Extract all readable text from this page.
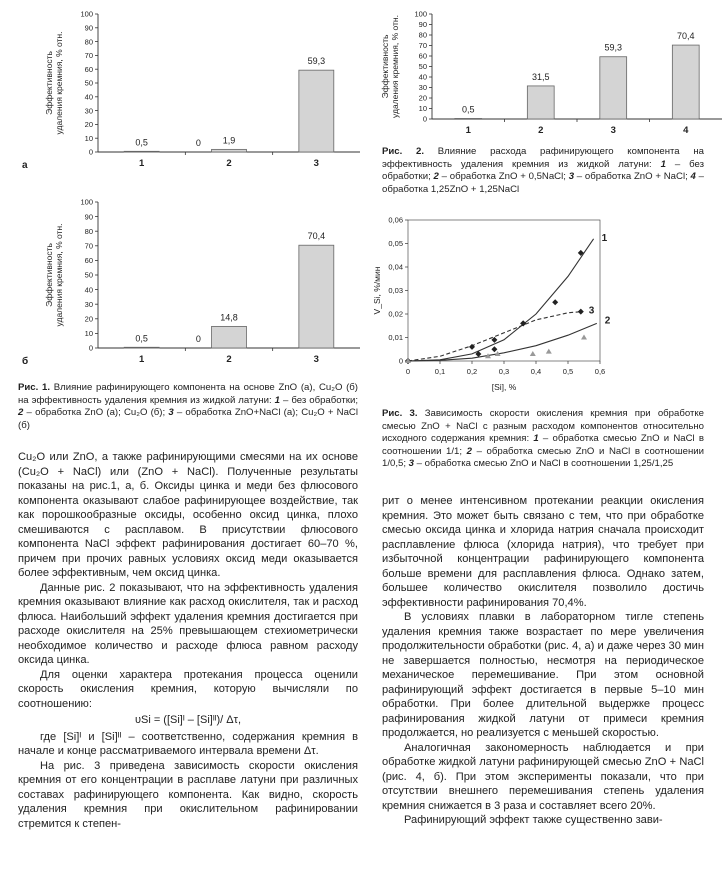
Эффективность удаления кремния, % отн.
0
10
20
30
40
50
60
70
80
90
100
0,5
1
1,9
2
59,3
3
0
а
Эффективность удаления кремния, % отн.
0
10
20
30
40
50
60
70
80
90
100
0,5
1
14,8
2
70,4
3
0
б
Эффективность удаления кремния, % отн.
0
10
20
30
40
50
60
70
80
90
100
0,5
1
31,5
2
59,3
3
70,4
4
0
0,01
0,02
0,03
0,04
0,05
0,06
0	0,1	0,2	0,3	0,4	0,5	0,6
[Si], %
V_Si, %/мин
1
3
2
Рис. 1. Влияние рафинирующего компонента на основе ZnO (а), Cu₂O (б) на эффективность удаления кремния из жидкой латуни: 1 – без обработки; 2 – обработка ZnO (а); Cu₂O (б); 3 – обработка ZnO+NaCl (а); Cu₂O + NaCl (б)
Рис. 2. Влияние расхода рафинирующего компонента на эффективность удаления кремния из жидкой латуни: 1 – без обработки; 2 – обработка ZnO + 0,5NaCl; 3 – обработка ZnO + NaCl; 4 – обработка 1,25ZnO + 1,25NaCl
Рис. 3. Зависимость скорости окисления кремния при обработке смесью ZnO + NaCl с разным расходом компонентов относительно исходного содержания кремния: 1 – обработка смесью ZnO и NaCl в соотношении 1/1; 2 – обработка смесью ZnO и NaCl в соотношении 1/0,5; 3 – обработка смесью ZnO и NaCl в соотношении 1,25/1,25

Cu₂O или ZnO, а также рафинирующими смесями на их основе (Cu₂O + NaCl) или (ZnO + NaCl). Полученные результаты показаны на рис.1, а, б. Оксиды цинка и меди без флюсового компонента оказывают слабое рафинирующее воздействие, так как порошкообразные оксиды, особенно оксид цинка, плохо смешиваются с расплавом. В присутствии флюсового компонента NaCl эффект рафинирования достигает 60–70 %, причем при прочих равных условиях оксид меди оказывается более эффективным, чем оксид цинка.

Данные рис. 2 показывают, что на эффективность удаления кремния оказывают влияние как расход окислителя, так и расход флюса. Наибольший эффект удаления кремния достигается при расходе окислителя на 25% превышающем стехиометрически необходимое количество и расходе флюса равном расходу оксида цинка.

Для оценки характера протекания процесса оценили скорость окисления кремния, которую вычисляли по соотношению:

υSi = ([Si]ᴵ – [Si]ᴵᴵ)/ Δτ,

где [Si]ᴵ и [Si]ᴵᴵ – соответственно, содержания кремния в начале и конце рассматриваемого интервала времени Δτ.

На рис. 3 приведена зависимость скорости окисления кремния от его концентрации в расплаве латуни при различных составах рафинирующего компонента. Как видно, скорость удаления кремния при окислительном рафинировании стремится к степен-

рит о менее интенсивном протекании реакции окисления кремния. Это может быть связано с тем, что при обработке смесью оксида цинка и хлорида натрия сначала происходит расплавление флюса (хлорида натрия), что требует при избыточной концентрации рафинирующего компонента больше времени для расплавления флюса. Однако затем, большее количество окислителя позволило достичь эффективности рафинирования 70,4%.

В условиях плавки в лабораторном тигле степень удаления кремния также возрастает по мере увеличения продолжительности обработки (рис. 4, а) и даже через 30 мин не завершается полностью, несмотря на периодическое механическое перемешивание. При этом основной рафинирующий эффект достигается в первые 5–10 мин обработки. При более длительной выдержке процесс рафинирования жидкой латуни от примеси кремния продолжается, но реализуется с меньшей скоростью.

Аналогичная закономерность наблюдается и при обработке жидкой латуни рафинирующей смесью ZnO + NaCl (рис. 4, б). При этом эксперименты показали, что при отсутствии внешнего перемешивания степень удаления кремния снижается в 3 раза и составляет всего 20%.

Рафинирующий эффект также существенно зави-
